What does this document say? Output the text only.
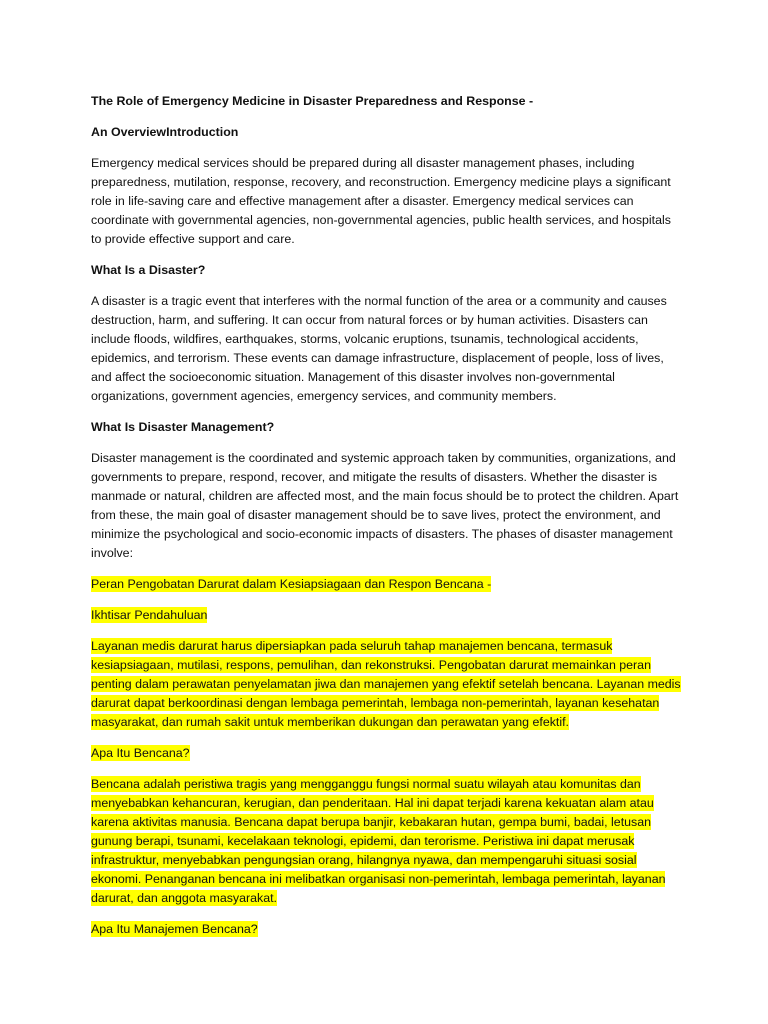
The Role of Emergency Medicine in Disaster Preparedness and Response -

An OverviewIntroduction

Emergency medical services should be prepared during all disaster management phases, including preparedness, mutilation, response, recovery, and reconstruction. Emergency medicine plays a significant role in life-saving care and effective management after a disaster. Emergency medical services can coordinate with governmental agencies, non-governmental agencies, public health services, and hospitals to provide effective support and care.

What Is a Disaster?

A disaster is a tragic event that interferes with the normal function of the area or a community and causes destruction, harm, and suffering. It can occur from natural forces or by human activities. Disasters can include floods, wildfires, earthquakes, storms, volcanic eruptions, tsunamis, technological accidents, epidemics, and terrorism. These events can damage infrastructure, displacement of people, loss of lives, and affect the socioeconomic situation. Management of this disaster involves non-governmental organizations, government agencies, emergency services, and community members.

What Is Disaster Management?

Disaster management is the coordinated and systemic approach taken by communities, organizations, and governments to prepare, respond, recover, and mitigate the results of disasters. Whether the disaster is manmade or natural, children are affected most, and the main focus should be to protect the children. Apart from these, the main goal of disaster management should be to save lives, protect the environment, and minimize the psychological and socio-economic impacts of disasters. The phases of disaster management involve:

Peran Pengobatan Darurat dalam Kesiapsiagaan dan Respon Bencana -

Ikhtisar Pendahuluan

Layanan medis darurat harus dipersiapkan pada seluruh tahap manajemen bencana, termasuk kesiapsiagaan, mutilasi, respons, pemulihan, dan rekonstruksi. Pengobatan darurat memainkan peran penting dalam perawatan penyelamatan jiwa dan manajemen yang efektif setelah bencana. Layanan medis darurat dapat berkoordinasi dengan lembaga pemerintah, lembaga non-pemerintah, layanan kesehatan masyarakat, dan rumah sakit untuk memberikan dukungan dan perawatan yang efektif.

Apa Itu Bencana?

Bencana adalah peristiwa tragis yang mengganggu fungsi normal suatu wilayah atau komunitas dan menyebabkan kehancuran, kerugian, dan penderitaan. Hal ini dapat terjadi karena kekuatan alam atau karena aktivitas manusia. Bencana dapat berupa banjir, kebakaran hutan, gempa bumi, badai, letusan gunung berapi, tsunami, kecelakaan teknologi, epidemi, dan terorisme. Peristiwa ini dapat merusak infrastruktur, menyebabkan pengungsian orang, hilangnya nyawa, dan mempengaruhi situasi sosial ekonomi. Penanganan bencana ini melibatkan organisasi non-pemerintah, lembaga pemerintah, layanan darurat, dan anggota masyarakat.

Apa Itu Manajemen Bencana?
